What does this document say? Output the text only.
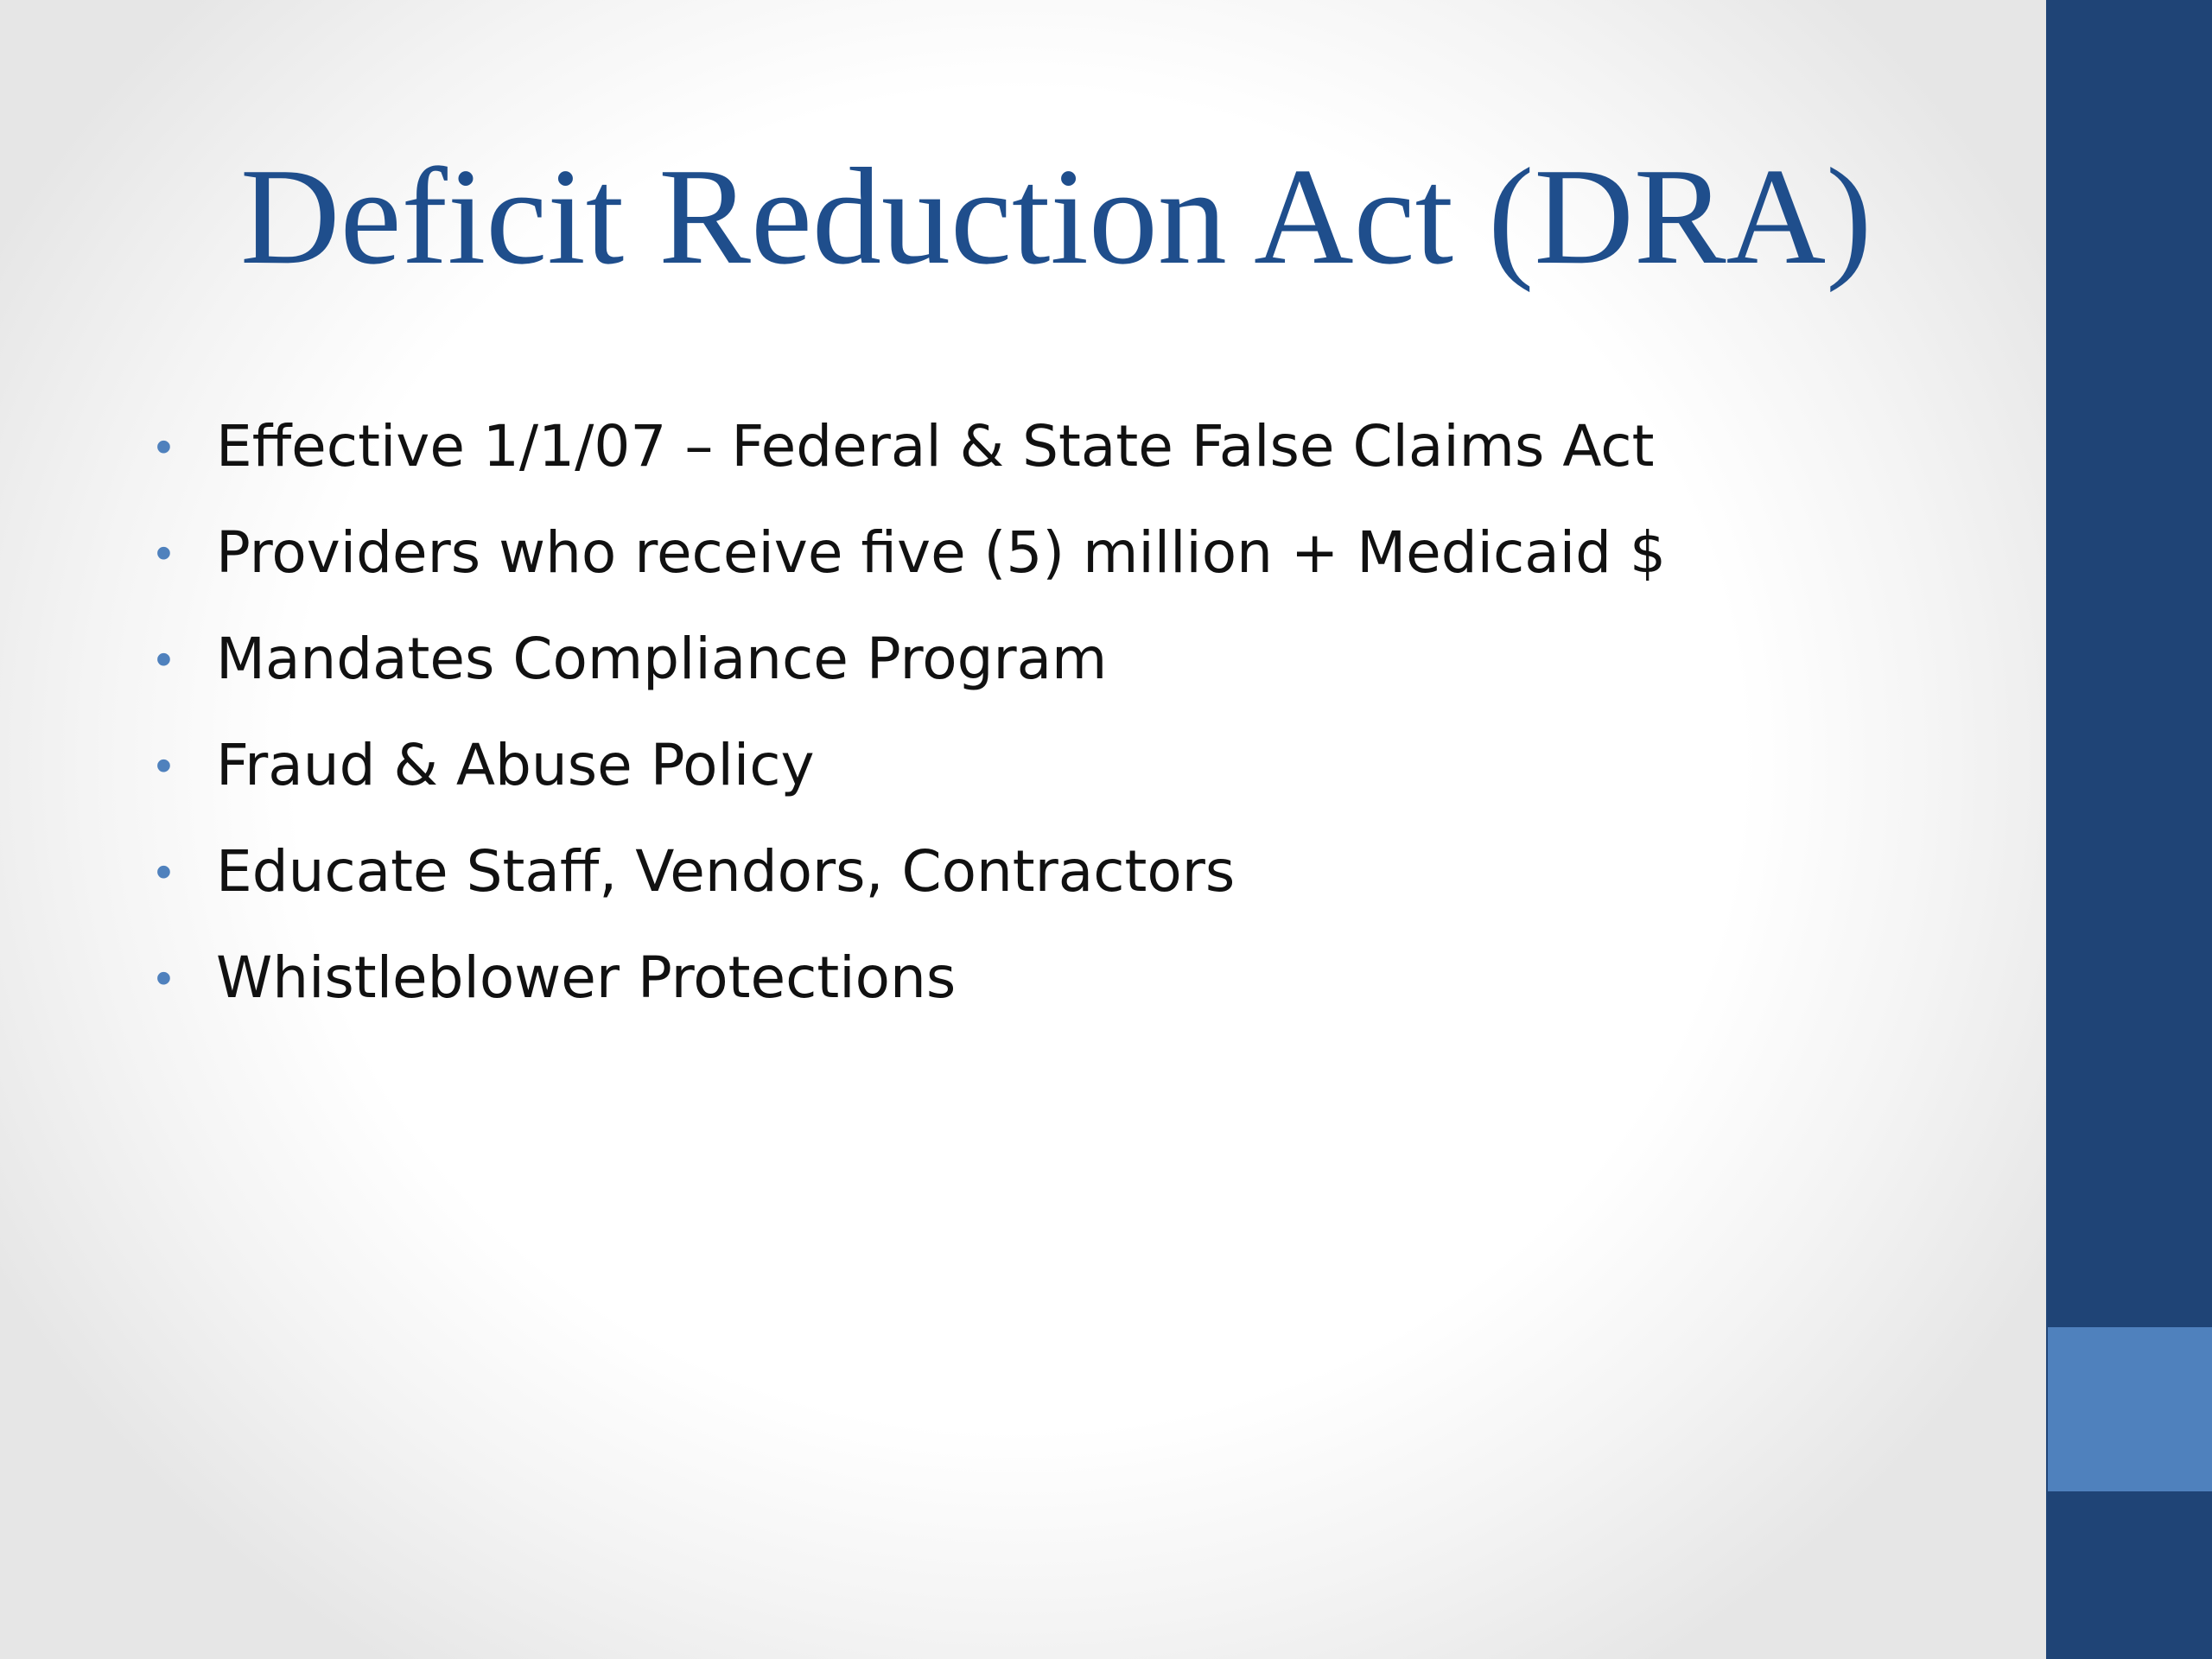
Deficit Reduction Act (DRA)
• Effective 1/1/07 – Federal & State False Claims Act
• Providers who receive five (5) million + Medicaid $
• Mandates Compliance Program
• Fraud & Abuse Policy
• Educate Staff, Vendors, Contractors
• Whistleblower Protections
